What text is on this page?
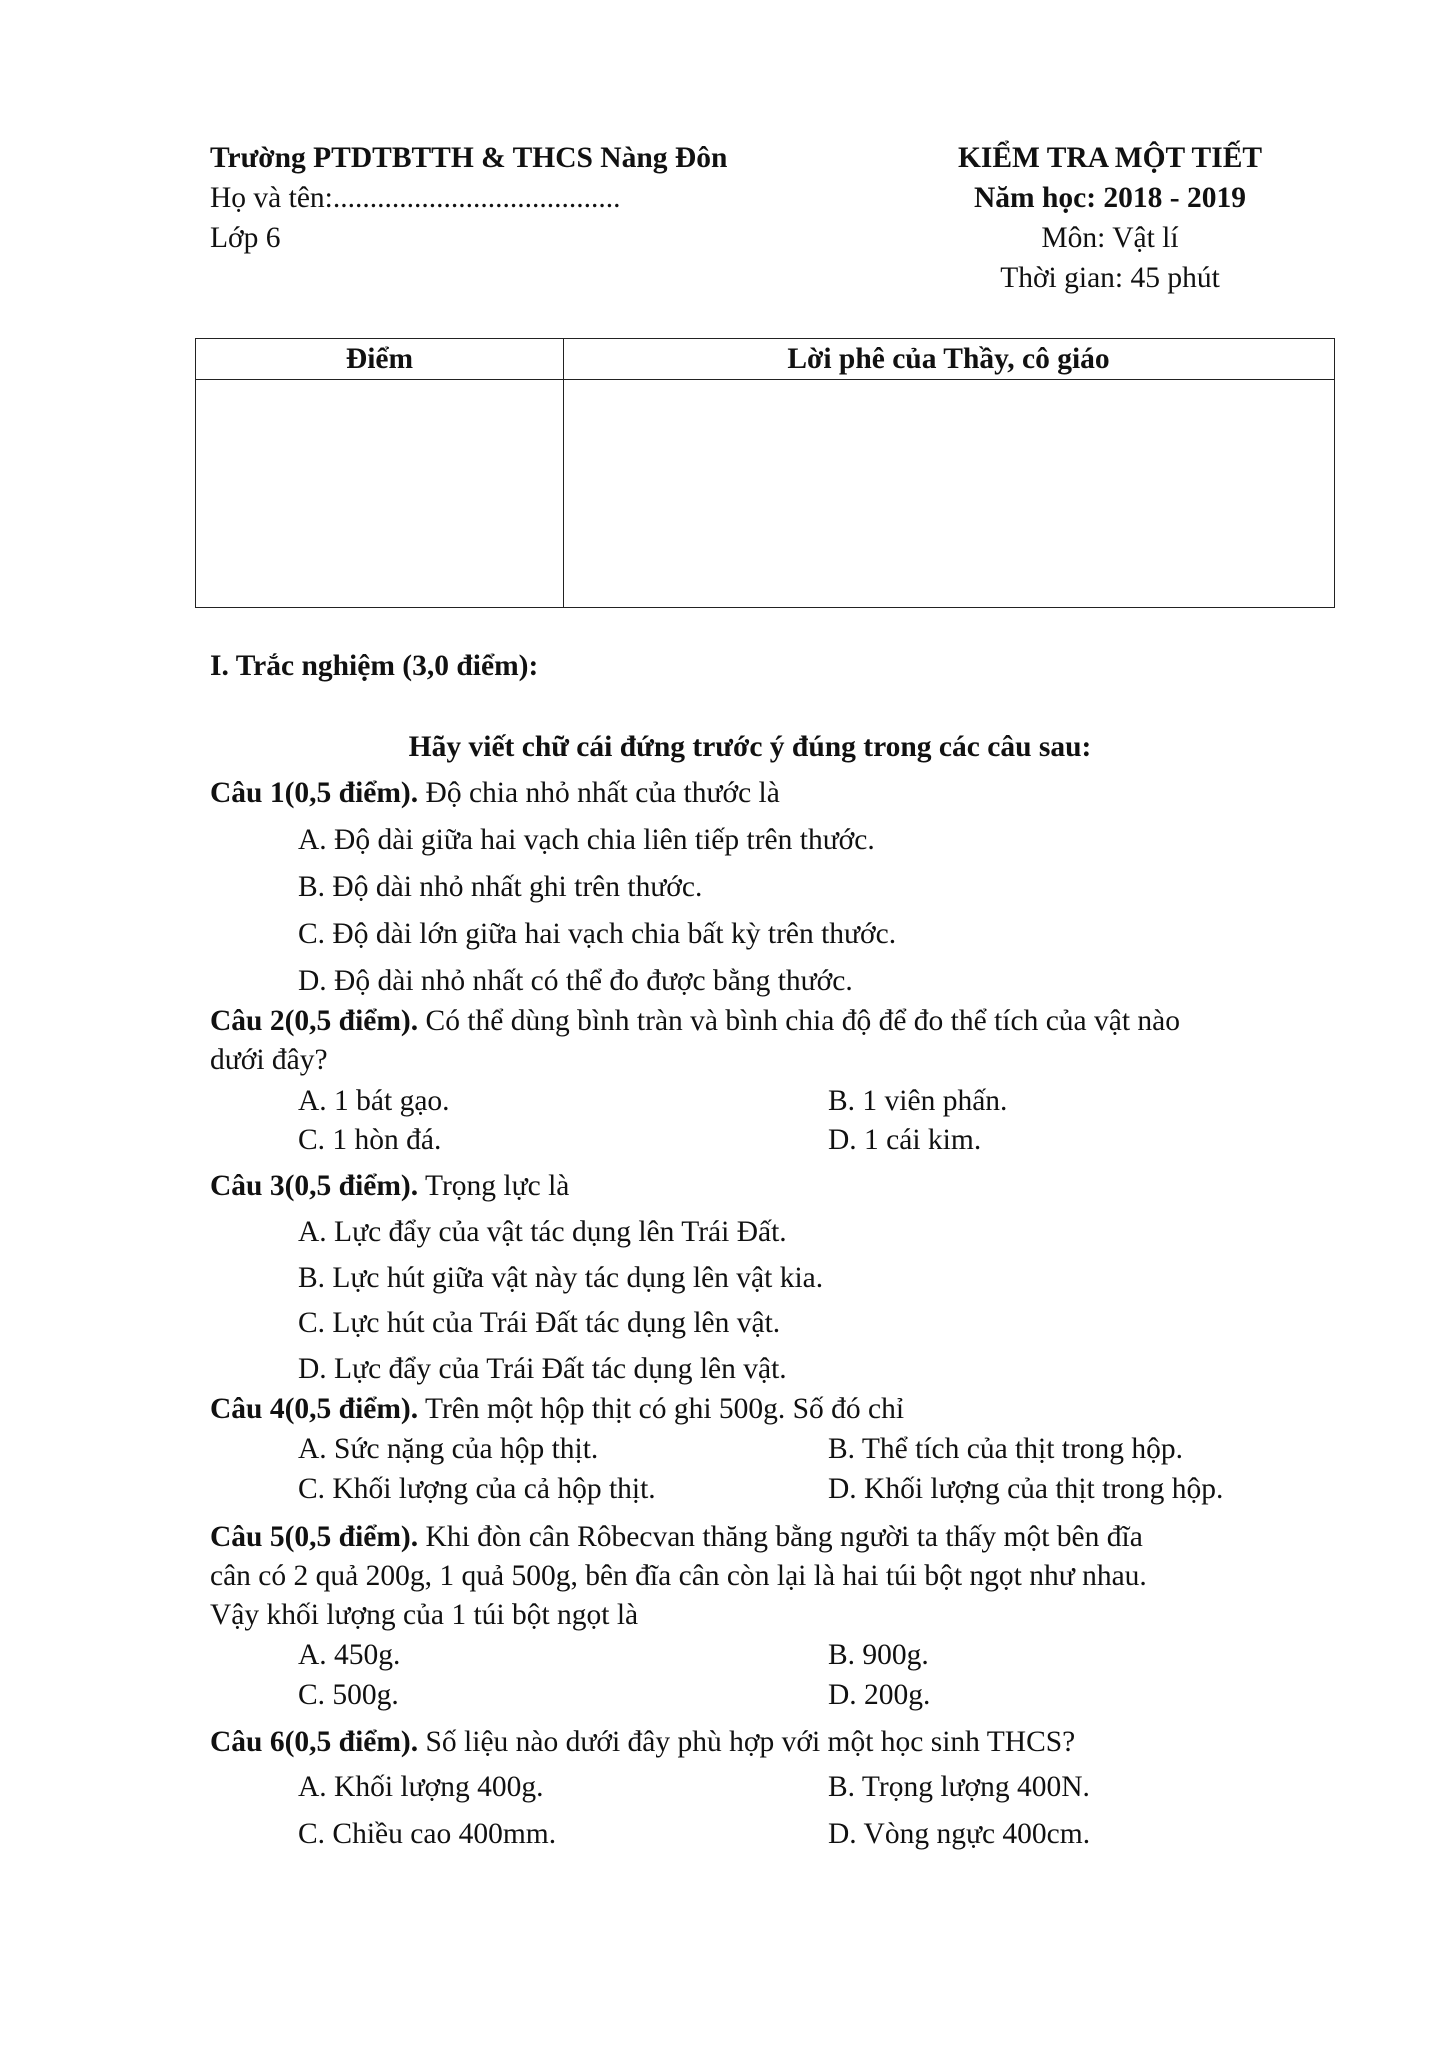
Trường PTDTBTTH & THCS Nàng Đôn
Họ và tên:.......................................
Lớp 6
KIỂM TRA MỘT TIẾT
Năm học: 2018 - 2019
Môn: Vật lí
Thời gian: 45 phút
Điểm	Lời phê của Thầy, cô giáo
I. Trắc nghiệm (3,0 điểm):
Hãy viết chữ cái đứng trước ý đúng trong các câu sau:
Câu 1(0,5 điểm). Độ chia nhỏ nhất của thước là
A. Độ dài giữa hai vạch chia liên tiếp trên thước.
B. Độ dài nhỏ nhất ghi trên thước.
C. Độ dài lớn giữa hai vạch chia bất kỳ trên thước.
D. Độ dài nhỏ nhất có thể đo được bằng thước.
Câu 2(0,5 điểm). Có thể dùng bình tràn và bình chia độ để đo thể tích của vật nào
dưới đây?
A. 1 bát gạo.	B. 1 viên phấn.
C. 1 hòn đá.	D. 1 cái kim.
Câu 3(0,5 điểm). Trọng lực là
A. Lực đẩy của vật tác dụng lên Trái Đất.
B. Lực hút giữa vật này tác dụng lên vật kia.
C. Lực hút của Trái Đất tác dụng lên vật.
D. Lực đẩy của Trái Đất tác dụng lên vật.
Câu 4(0,5 điểm). Trên một hộp thịt có ghi 500g. Số đó chỉ
A. Sức nặng của hộp thịt.	B. Thể tích của thịt trong hộp.
C. Khối lượng của cả hộp thịt.	D. Khối lượng của thịt trong hộp.
Câu 5(0,5 điểm). Khi đòn cân Rôbecvan thăng bằng người ta thấy một bên đĩa
cân có 2 quả 200g, 1 quả 500g, bên đĩa cân còn lại là hai túi bột ngọt như nhau.
Vậy khối lượng của 1 túi bột ngọt là
A. 450g.	B. 900g.
C. 500g.	D. 200g.
Câu 6(0,5 điểm). Số liệu nào dưới đây phù hợp với một học sinh THCS?
A. Khối lượng 400g.	B. Trọng lượng 400N.
C. Chiều cao 400mm.	D. Vòng ngực 400cm.
